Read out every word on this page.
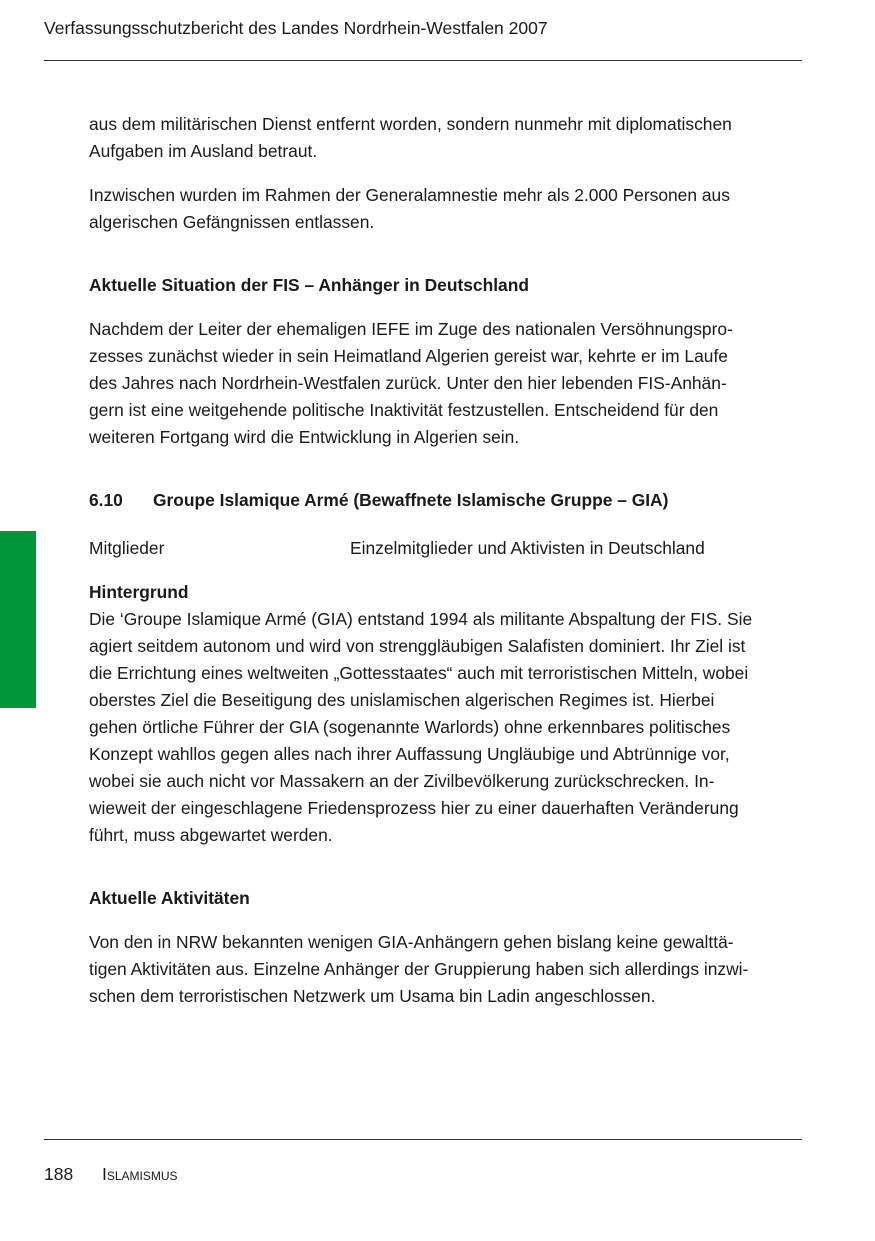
Verfassungsschutzbericht des Landes Nordrhein-Westfalen 2007

aus dem militärischen Dienst entfernt worden, sondern nunmehr mit diplomatischen

Aufgaben im Ausland betraut.

Inzwischen wurden im Rahmen der Generalamnestie mehr als 2.000 Personen aus

algerischen Gefängnissen entlassen.

Aktuelle Situation der FIS – Anhänger in Deutschland

Nachdem der Leiter der ehemaligen IEFE im Zuge des nationalen Versöhnungspro-

zesses zunächst wieder in sein Heimatland Algerien gereist war, kehrte er im Laufe

des Jahres nach Nordrhein-Westfalen zurück. Unter den hier lebenden FIS-Anhän-

gern ist eine weitgehende politische Inaktivität festzustellen. Entscheidend für den

weiteren Fortgang wird die Entwicklung in Algerien sein.

6.10	Groupe Islamique Armé (Bewaffnete Islamische Gruppe – GIA)
Mitglieder	Einzelmitglieder und Aktivisten in Deutschland
Hintergrund

Die ‘Groupe Islamique Armé (GIA) entstand 1994 als militante Abspaltung der FIS. Sie

agiert seitdem autonom und wird von strenggläubigen Salafisten dominiert. Ihr Ziel ist

die Errichtung eines weltweiten „Gottesstaates“ auch mit terroristischen Mitteln, wobei

oberstes Ziel die Beseitigung des unislamischen algerischen Regimes ist. Hierbei

gehen örtliche Führer der GIA (sogenannte Warlords) ohne erkennbares politisches

Konzept wahllos gegen alles nach ihrer Auffassung Ungläubige und Abtrünnige vor,

wobei sie auch nicht vor Massakern an der Zivilbevölkerung zurückschrecken. In-

wieweit der eingeschlagene Friedensprozess hier zu einer dauerhaften Veränderung

führt, muss abgewartet werden.

Aktuelle Aktivitäten

Von den in NRW bekannten wenigen GIA-Anhängern gehen bislang keine gewalttä-

tigen Aktivitäten aus. Einzelne Anhänger der Gruppierung haben sich allerdings inzwi-

schen dem terroristischen Netzwerk um Usama bin Ladin angeschlossen.

188 Islamismus
